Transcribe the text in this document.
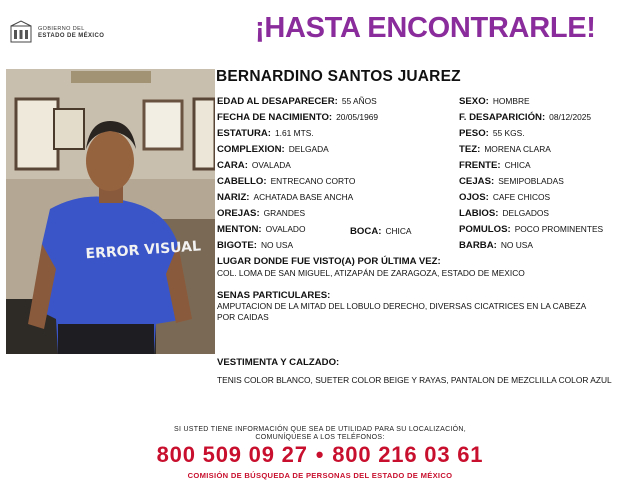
GOBIERNO DEL
ESTADO DE MÉXICO	¡HASTA ENCONTRARLE!
ERROR VISUAL
BERNARDINO SANTOS JUAREZ
EDAD AL DESAPARECER: 55 AÑOS
FECHA DE NACIMIENTO: 20/05/1969
ESTATURA: 1.61 MTS.
COMPLEXION: DELGADA
CARA: OVALADA
CABELLO: ENTRECANO CORTO
NARIZ: ACHATADA BASE ANCHA
OREJAS: GRANDES
MENTON: OVALADO	BOCA: CHICA
BIGOTE: NO USA
SEXO: HOMBRE
F. DESAPARICIÓN: 08/12/2025
PESO: 55 KGS.
TEZ: MORENA CLARA
FRENTE: CHICA
CEJAS: SEMIPOBLADAS
OJOS: CAFE CHICOS
LABIOS: DELGADOS
POMULOS: POCO PROMINENTES
BARBA: NO USA
LUGAR DONDE FUE VISTO(A) POR ÚLTIMA VEZ:
COL. LOMA DE SAN MIGUEL, ATIZAPÁN DE ZARAGOZA, ESTADO DE MEXICO
SENAS PARTICULARES:
AMPUTACION DE LA MITAD DEL LOBULO DERECHO, DIVERSAS CICATRICES EN LA CABEZA POR CAIDAS
VESTIMENTA Y CALZADO:
TENIS COLOR BLANCO, SUETER COLOR BEIGE Y RAYAS, PANTALON DE MEZCLILLA COLOR AZUL
SI USTED TIENE INFORMACIÓN QUE SEA DE UTILIDAD PARA SU LOCALIZACIÓN,
COMUNÍQUESE A LOS TELÉFONOS:
800 509 09 27 • 800 216 03 61
COMISIÓN DE BÚSQUEDA DE PERSONAS DEL ESTADO DE MÉXICO
